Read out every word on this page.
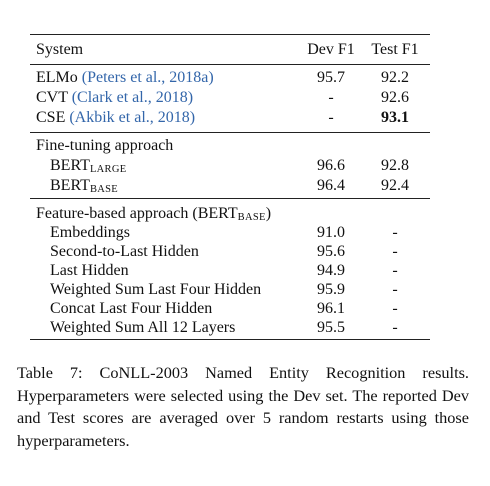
System	Dev F1	Test F1
ELMo (Peters et al., 2018a)	95.7	92.2
CVT (Clark et al., 2018)	-	92.6
CSE (Akbik et al., 2018)	-	93.1
Fine-tuning approach
BERTLARGE	96.6	92.8
BERTBASE	96.4	92.4
Feature-based approach (BERTBASE)
Embeddings	91.0	-
Second-to-Last Hidden	95.6	-
Last Hidden	94.9	-
Weighted Sum Last Four Hidden	95.9	-
Concat Last Four Hidden	96.1	-
Weighted Sum All 12 Layers	95.5	-
Table 7: CoNLL-2003 Named Entity Recognition results. Hyperparameters were selected using the Dev set. The reported Dev and Test scores are averaged over 5 random restarts using those hyperparameters.
